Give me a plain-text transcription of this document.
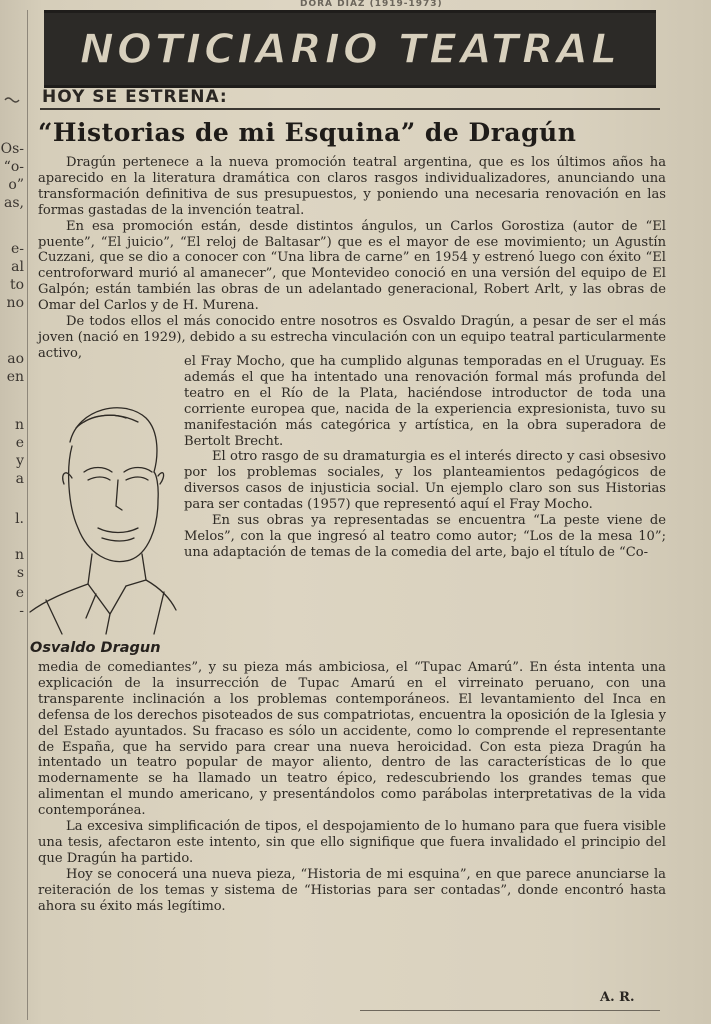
DORA DIAZ (1919-1973)
Os-
“o-
o”
as,
e-
al
to
no
ao
en
n
e
y
a
l.
n
s
e
-
NOTICIARIO TEATRAL
HOY SE ESTRENA:
“Historias de mi Esquina” de Dragún

Dragún pertenece a la nueva promoción teatral argentina, que es los últimos años ha aparecido en la literatura dramática con claros rasgos individualizadores, anunciando una transformación definitiva de sus presupuestos, y poniendo una necesaria renovación en las formas gastadas de la invención teatral.

En esa promoción están, desde distintos ángulos, un Carlos Gorostiza (autor de “El puente”, “El juicio”, “El reloj de Baltasar”) que es el mayor de ese movimiento; un Agustín Cuzzani, que se dio a conocer con “Una libra de carne” en 1954 y estrenó luego con éxito “El centroforward murió al amanecer”, que Montevideo conoció en una versión del equipo de El Galpón; están también las obras de un adelantado generacional, Robert Arlt, y las obras de Omar del Carlos y de H. Murena.

De todos ellos el más conocido entre nosotros es Osvaldo Dragún, a pesar de ser el más joven (nació en 1929), debido a su estrecha vinculación con un equipo teatral particularmente activo,

Osvaldo Dragun

el Fray Mocho, que ha cumplido algunas temporadas en el Uruguay. Es además el que ha intentado una renovación formal más profunda del teatro en el Río de la Plata, haciéndose introductor de toda una corriente europea que, nacida de la experiencia expresionista, tuvo su manifestación más categórica y artística, en la obra superadora de Bertolt Brecht.

El otro rasgo de su dramaturgia es el interés directo y casi obsesivo por los problemas sociales, y los planteamientos pedagógicos de diversos casos de injusticia social. Un ejemplo claro son sus Historias para ser contadas (1957) que representó aquí el Fray Mocho.

En sus obras ya representadas se encuentra “La peste viene de Melos”, con la que ingresó al teatro como autor; “Los de la mesa 10”; una adaptación de temas de la comedia del arte, bajo el título de “Co-

media de comediantes”, y su pieza más ambiciosa, el “Tupac Amarú”. En ésta intenta una explicación de la insurrección de Tupac Amarú en el virreinato peruano, con una transparente inclinación a los problemas contemporáneos. El levantamiento del Inca en defensa de los derechos pisoteados de sus compatriotas, encuentra la oposición de la Iglesia y del Estado ayuntados. Su fracaso es sólo un accidente, como lo comprende el representante de España, que ha servido para crear una nueva heroicidad. Con esta pieza Dragún ha intentado un teatro popular de mayor aliento, dentro de las características de lo que modernamente se ha llamado un teatro épico, redescubriendo los grandes temas que alimentan el mundo americano, y presentándolos como parábolas interpretativas de la vida contemporánea.

La excesiva simplificación de tipos, el despojamiento de lo humano para que fuera visible una tesis, afectaron este intento, sin que ello signifique que fuera invalidado el principio del que Dragún ha partido.

Hoy se conocerá una nueva pieza, “Historia de mi esquina”, en que parece anunciarse la reiteración de los temas y sistema de “Historias para ser contadas”, donde encontró hasta ahora su éxito más legítimo.

A. R.
